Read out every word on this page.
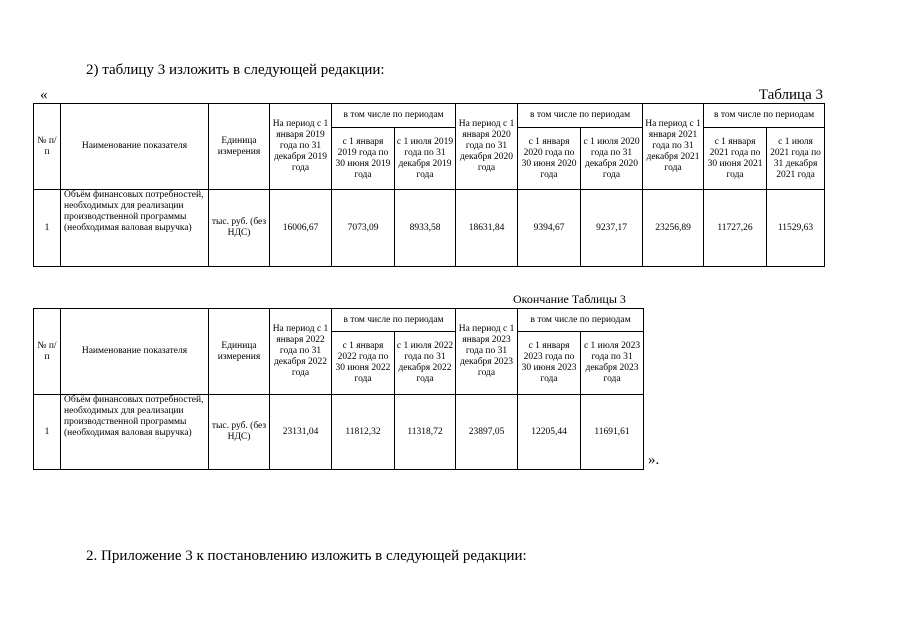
2) таблицу 3 изложить в следующей редакции:
«	Таблица 3
№ п/п	Наименование показателя	Единица измерения	На период с 1 января 2019 года по 31 декабря 2019 года	в том числе по периодам		На период с 1 января 2020 года по 31 декабря 2020 года	в том числе по периодам		На период с 1 января 2021 года по 31 декабря 2021 года	в том числе по периодам	
				с 1 января 2019 года по 30 июня 2019 года	с 1 июля 2019 года по 31 декабря 2019 года		с 1 января 2020 года по 30 июня 2020 года	с 1 июля 2020 года по 31 декабря 2020 года		с 1 января 2021 года по 30 июня 2021 года	с 1 июля 2021 года по 31 декабря 2021 года
1	Объём финансовых потребностей, необходимых для реализации производственной программы (необходимая валовая выручка)	тыс. руб. (без НДС)	16006,67	7073,09	8933,58	18631,84	9394,67	9237,17	23256,89	11727,26	11529,63
Окончание Таблицы 3
№ п/п	Наименование показателя	Единица измерения	На период с 1 января 2022 года по 31 декабря 2022 года	в том числе по периодам		На период с 1 января 2023 года по 31 декабря 2023 года	в том числе по периодам	
				с 1 января 2022 года по 30 июня 2022 года	с 1 июля 2022 года по 31 декабря 2022 года		с 1 января 2023 года по 30 июня 2023 года	с 1 июля 2023 года по 31 декабря 2023 года
1	Объём финансовых потребностей, необходимых для реализации производственной программы (необходимая валовая выручка)	тыс. руб. (без НДС)	23131,04	11812,32	11318,72	23897,05	12205,44	11691,61
».
2. Приложение 3 к постановлению изложить в следующей редакции:
